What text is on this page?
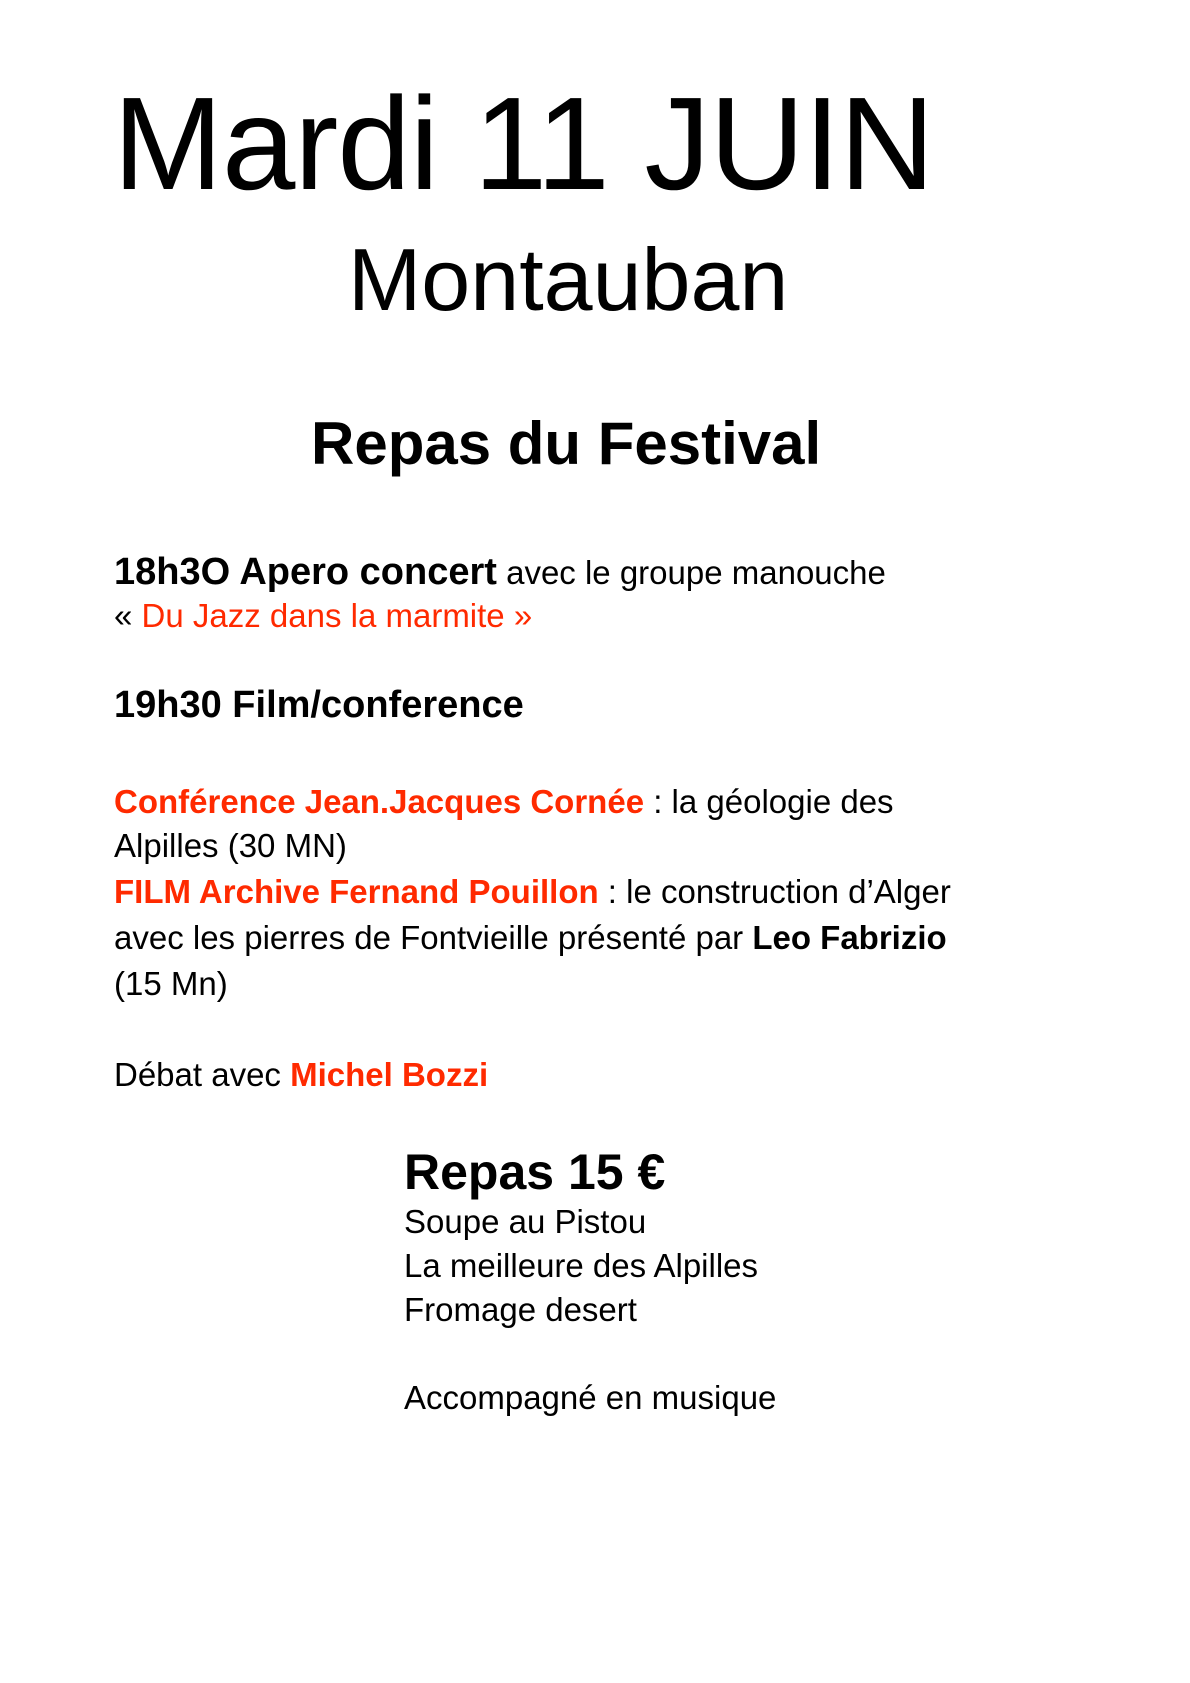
Mardi 11 JUIN
Montauban
Repas du Festival

18h3O Apero concert avec le groupe manouche

« Du Jazz dans la marmite »

19h30 Film/conference

Conférence Jean.Jacques Cornée : la géologie des

Alpilles (30 MN)

FILM Archive Fernand Pouillon : le construction d’Alger

avec les pierres de Fontvieille présenté par Leo Fabrizio

(15 Mn)

Débat avec Michel Bozzi

Repas 15 €

Soupe au Pistou

La meilleure des Alpilles

Fromage desert

Accompagné en musique
